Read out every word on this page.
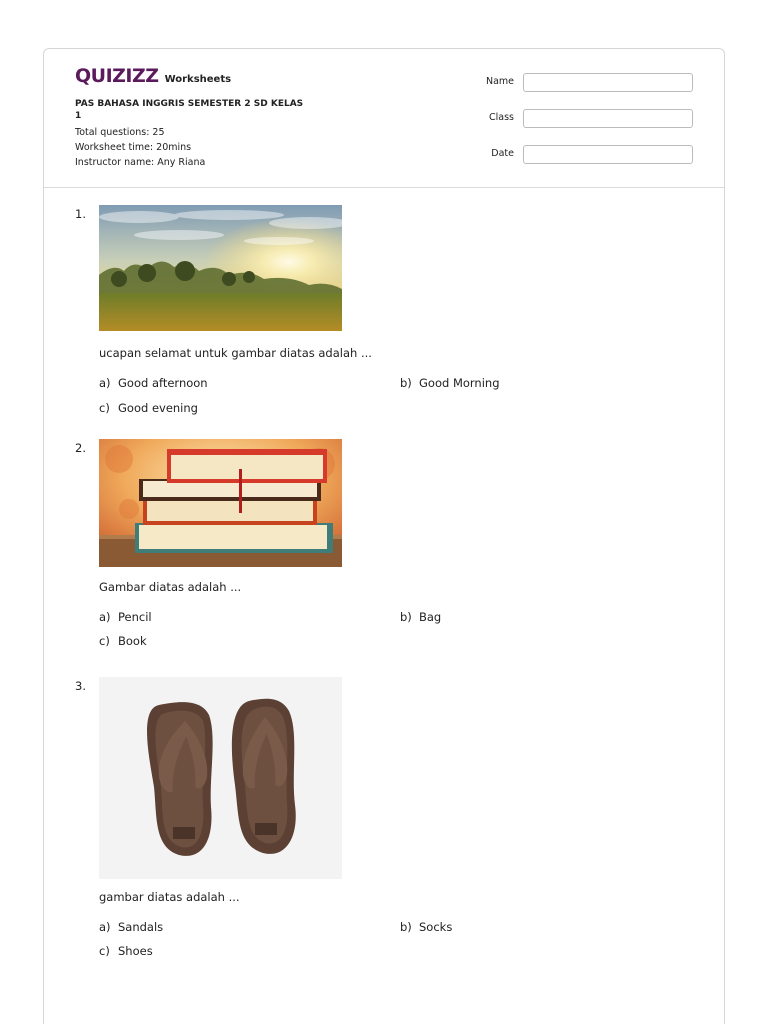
QUIZIZZ Worksheets
PAS BAHASA INGGRIS SEMESTER 2 SD KELAS
1
Total questions: 25
Worksheet time: 20mins
Instructor name: Any Riana
Name
Class
Date
1.
ucapan selamat untuk gambar diatas adalah ...
a) Good afternoon	b) Good Morning
c) Good evening
2.
Gambar diatas adalah ...
a) Pencil	b) Bag
c) Book
3.
gambar diatas adalah ...
a) Sandals	b) Socks
c) Shoes
